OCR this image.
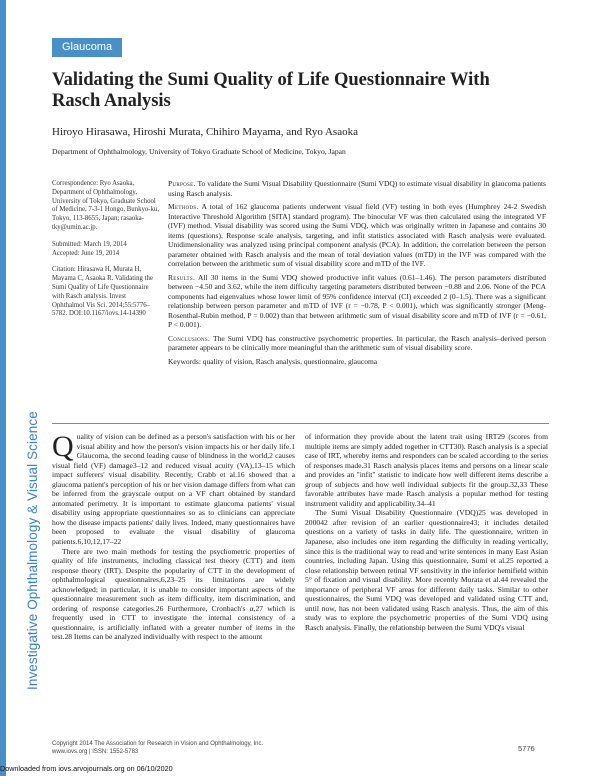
Investigative Ophthalmology & Visual Science
Glaucoma
Validating the Sumi Quality of Life Questionnaire With Rasch Analysis
Hiroyo Hirasawa, Hiroshi Murata, Chihiro Mayama, and Ryo Asaoka
Department of Ophthalmology, University of Tokyo Graduate School of Medicine, Tokyo, Japan

Correspondence: Ryo Asaoka, Department of Ophthalmology, University of Tokyo, Graduate School of Medicine, 7-3-1 Hongo, Bunkyo-ku, Tokyo, 113-8655, Japan; rasaoka-tky@umin.ac.jp.

Submitted: March 19, 2014
Accepted: June 19, 2014

Citation: Hirasawa H, Murata H, Mayama C, Asaoka R. Validating the Sumi Quality of Life Questionnaire with Rasch analysis. Invest Ophthalmol Vis Sci. 2014;55:5776–5782. DOI:10.1167/iovs.14-14390

Purpose. To validate the Sumi Visual Disability Questionnaire (Sumi VDQ) to estimate visual disability in glaucoma patients using Rasch analysis.

Methods. A total of 162 glaucoma patients underwent visual field (VF) testing in both eyes (Humphrey 24-2 Swedish Interactive Threshold Algorithm [SITA] standard program). The binocular VF was then calculated using the integrated VF (IVF) method. Visual disability was scored using the Sumi VDQ, which was originally written in Japanese and contains 30 items (questions). Response scale analysis, targeting, and infit statistics associated with Rasch analysis were evaluated. Unidimensionality was analyzed using principal component analysis (PCA). In addition, the correlation between the person parameter obtained with Rasch analysis and the mean of total deviation values (mTD) in the IVF was compared with the correlation between the arithmetic sum of visual disability score and mTD of the IVF.

Results. All 30 items in the Sumi VDQ showed productive infit values (0.61–1.46). The person parameters distributed between −4.50 and 3.62, while the item difficulty targeting parameters distributed between −0.88 and 2.06. None of the PCA components had eigenvalues whose lower limit of 95% confidence interval (CI) exceeded 2 (0–1.5). There was a significant relationship between person parameter and mTD of IVF (r = −0.78, P < 0.001), which was significantly stronger (Meng-Rosenthal-Rubin method, P = 0.002) than that between arithmetic sum of visual disability score and mTD of IVF (r = −0.61, P < 0.001).

Conclusions. The Sumi VDQ has constructive psychometric properties. In particular, the Rasch analysis–derived person parameter appears to be clinically more meaningful than the arithmetic sum of visual disability score.

Keywords: quality of vision, Rasch analysis, questionnaire, glaucoma

Quality of vision can be defined as a person's satisfaction with his or her visual ability and how the person's vision impacts his or her daily life.1 Glaucoma, the second leading cause of blindness in the world,2 causes visual field (VF) damage3–12 and reduced visual acuity (VA),13–15 which impact sufferers' visual disability. Recently, Crabb et al.16 showed that a glaucoma patient's perception of his or her vision damage differs from what can be inferred from the grayscale output on a VF chart obtained by standard automated perimetry. It is important to estimate glaucoma patients' visual disability using appropriate questionnaires so as to clinicians can appreciate how the disease impacts patients' daily lives. Indeed, many questionnaires have been proposed to evaluate the visual disability of glaucoma patients.6,10,12,17–22

There are two main methods for testing the psychometric properties of quality of life instruments, including classical test theory (CTT) and item response theory (IRT). Despite the popularity of CTT in the development of ophthalmological questionnaires,6,23–25 its limitations are widely acknowledged; in particular, it is unable to consider important aspects of the questionnaire measurement such as item difficulty, item discrimination, and ordering of response categories.26 Furthermore, Cronbach's α,27 which is frequently used in CTT to investigate the internal consistency of a questionnaire, is artificially inflated with a greater number of items in the test.28 Items can be analyzed individually with respect to the amount

of information they provide about the latent trait using IRT29 (scores from multiple items are simply added together in CTT30). Rasch analysis is a special case of IRT, whereby items and responders can be scaled according to the series of responses made.31 Rasch analysis places items and persons on a linear scale and provides an "infit" statistic to indicate how well different items describe a group of subjects and how well individual subjects fit the group.32,33 These favorable attributes have made Rasch analysis a popular method for testing instrument validity and applicability.34–41

The Sumi Visual Disability Questionnaire (VDQ)25 was developed in 200042 after revision of an earlier questionnaire43; it includes detailed questions on a variety of tasks in daily life. The questionnaire, written in Japanese, also includes one item regarding the difficulty in reading vertically, since this is the traditional way to read and write sentences in many East Asian countries, including Japan. Using this questionnaire, Sumi et al.25 reported a close relationship between retinal VF sensitivity in the inferior hemifield within 5° of fixation and visual disability. More recently Murata et al.44 revealed the importance of peripheral VF areas for different daily tasks. Similar to other questionnaires, the Sumi VDQ was developed and validated using CTT and, until now, has not been validated using Rasch analysis. Thus, the aim of this study was to explore the psychometric properties of the Sumi VDQ using Rasch analysis. Finally, the relationship between the Sumi VDQ's visual

Copyright 2014 The Association for Research in Vision and Ophthalmology, Inc.
www.iovs.org | ISSN: 1552-5783	5776
Downloaded from iovs.arvojournals.org on 06/10/2020
